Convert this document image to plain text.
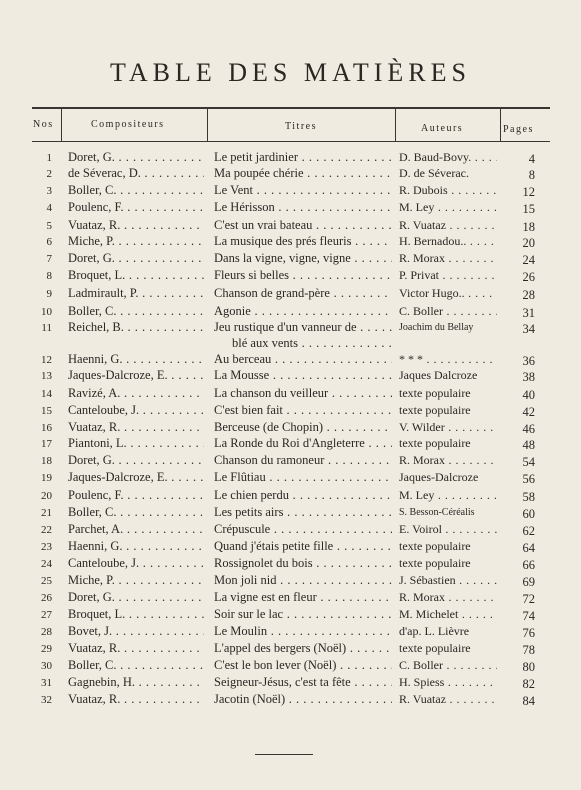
TABLE DES MATIÈRES
Nos	Compositeurs	Titres	Auteurs	Pages
1 Doret, G. . . .	Le petit jardinier . . .	D. Baud-Bovy. . . .	4
2 de Séverac, D. . . .	Ma poupée chérie . . .	D. de Séverac.	8
3 Boller, C. . . .	Le Vent . . .	R. Dubois . . .	12
4 Poulenc, F. . . .	Le Hérisson . . .	M. Ley . . .	15
5 Vuataz, R. . . .	C'est un vrai bateau . . .	R. Vuataz . . .	18
6 Miche, P. . . .	La musique des prés fleuris . . .	H. Bernadou.. . . .	20
7 Doret, G. . . .	Dans la vigne, vigne, vigne . . .	R. Morax . . .	24
8 Broquet, L. . . .	Fleurs si belles . . .	P. Privat . . .	26
9 Ladmirault, P. . . .	Chanson de grand-père . . .	Victor Hugo.. . . .	28
10 Boller, C. . . .	Agonie . . .	C. Boller . . .	31
11 Reichel, B. . . .	Jeu rustique d'un vanneur de . . .	Joachim du Bellay	34
blé aux vents . . .
12 Haenni, G. . . .	Au berceau . . .	* * * . . .	36
13 Jaques-Dalcroze, E. . . .	La Mousse . . .	Jaques Dalcroze	38
14 Ravizé, A. . . .	La chanson du veilleur . . .	texte populaire	40
15 Canteloube, J. . . .	C'est bien fait . . .	texte populaire	42
16 Vuataz, R. . . .	Berceuse (de Chopin) . . .	V. Wilder . . .	46
17 Piantoni, L. . . .	La Ronde du Roi d'Angleterre . . .	texte populaire	48
18 Doret, G. . . .	Chanson du ramoneur . . .	R. Morax . . .	54
19 Jaques-Dalcroze, E. . . .	Le Flûtiau . . .	Jaques-Dalcroze	56
20 Poulenc, F. . . .	Le chien perdu . . .	M. Ley . . .	58
21 Boller, C. . . .	Les petits airs . . .	S. Besson-Céréalis	60
22 Parchet, A. . . .	Crépuscule . . .	E. Voirol . . .	62
23 Haenni, G. . . .	Quand j'étais petite fille . . .	texte populaire	64
24 Canteloube, J. . . .	Rossignolet du bois . . .	texte populaire	66
25 Miche, P. . . .	Mon joli nid . . .	J. Sébastien . . .	69
26 Doret, G. . . .	La vigne est en fleur . . .	R. Morax . . .	72
27 Broquet, L. . . .	Soir sur le lac . . .	M. Michelet . . .	74
28 Bovet, J. . . .	Le Moulin . . .	d'ap. L. Lièvre	76
29 Vuataz, R. . . .	L'appel des bergers (Noël) . . .	texte populaire	78
30 Boller, C. . . .	C'est le bon lever (Noël) . . .	C. Boller . . .	80
31 Gagnebin, H. . . .	Seigneur-Jésus, c'est ta fête . . .	H. Spiess . . .	82
32 Vuataz, R. . . .	Jacotin (Noël) . . .	R. Vuataz . . .	84
